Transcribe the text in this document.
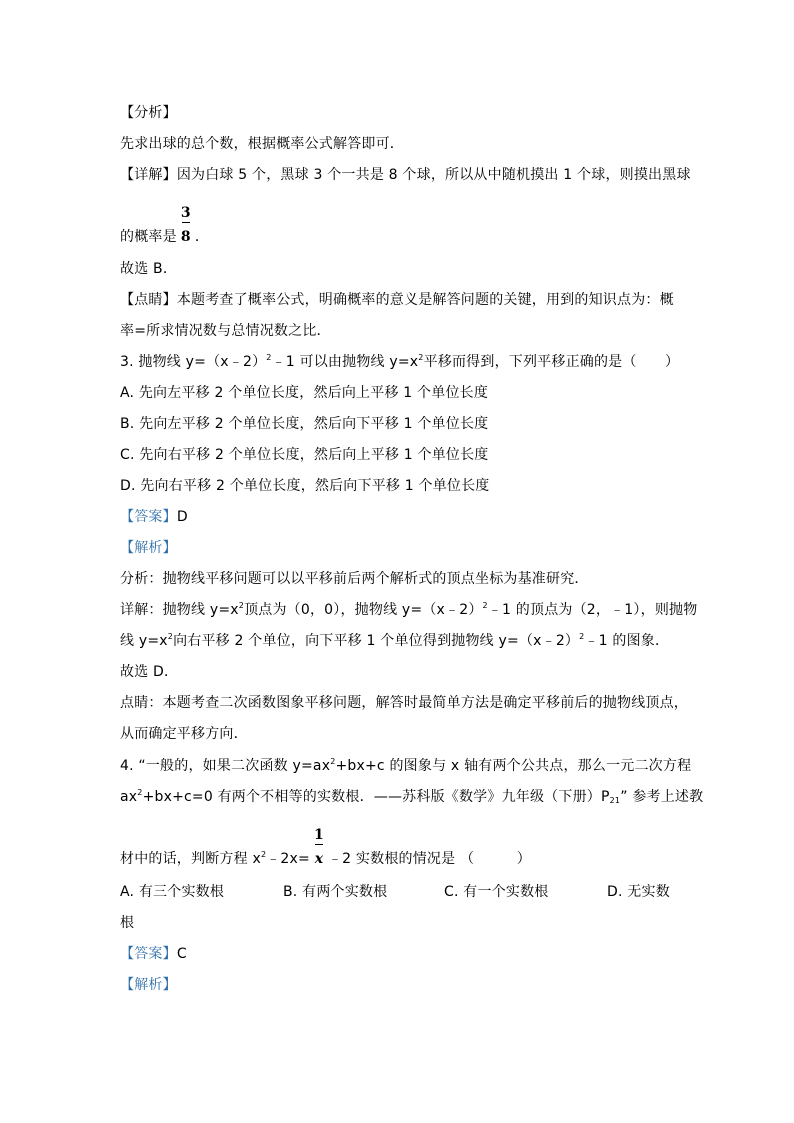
【分析】
先求出球的总个数，根据概率公式解答即可．
【详解】因为白球 5 个，黑球 3 个一共是 8 个球，所以从中随机摸出 1 个球，则摸出黑球
的概率是 $\frac{3}{8}$ ．
故选 B．
【点睛】本题考查了概率公式，明确概率的意义是解答问题的关键，用到的知识点为：概
率=所求情况数与总情况数之比．
3. 抛物线 y=（x﹣2）$^2$﹣1 可以由抛物线 $y=x^2$平移而得到，下列平移正确的是（　　）
A. 先向左平移 2 个单位长度，然后向上平移 1 个单位长度
B. 先向左平移 2 个单位长度，然后向下平移 1 个单位长度
C. 先向右平移 2 个单位长度，然后向上平移 1 个单位长度
D. 先向右平移 2 个单位长度，然后向下平移 1 个单位长度
【答案】D
【解析】
分析：抛物线平移问题可以以平移前后两个解析式的顶点坐标为基准研究．
详解：抛物线 $y=x^2$顶点为（0，0），抛物线 y=（x﹣2）$^2$﹣1 的顶点为（2，﹣1），则抛物
线 $y=x^2$向右平移 2 个单位，向下平移 1 个单位得到抛物线 y=（x﹣2）$^2$﹣1 的图象．
故选 D．
点睛：本题考查二次函数图象平移问题，解答时最简单方法是确定平移前后的抛物线顶点，
从而确定平移方向．
4. “一般的，如果二次函数 $y=ax^2+bx+c$ 的图象与 x 轴有两个公共点，那么一元二次方程
$ax^2+bx+c=0$ 有两个不相等的实数根．——苏科版《数学》九年级（下册）$P_{21}$” 参考上述教
材中的话，判断方程 $x^2﹣2x= \frac{1}{x}$ ﹣2 实数根的情况是 （　　　）
A. 有三个实数根	B. 有两个实数根	C. 有一个实数根	D. 无实数
根
【答案】C
【解析】
